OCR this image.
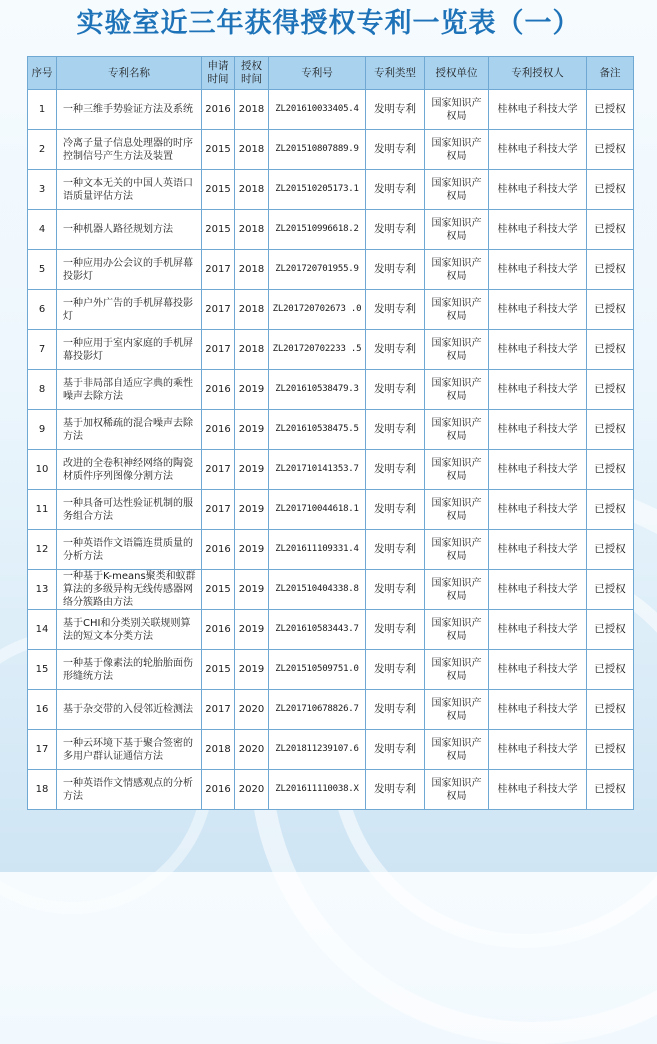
实验室近三年获得授权专利一览表（一）
序号	专利名称	申请时间	授权时间	专利号	专利类型	授权单位	专利授权人	备注
1	一种三维手势验证方法及系统	2016	2018	ZL201610033405.4	发明专利	国家知识产权局	桂林电子科技大学	已授权
2	冷离子量子信息处理器的时序控制信号产生方法及装置	2015	2018	ZL201510807889.9	发明专利	国家知识产权局	桂林电子科技大学	已授权
3	一种文本无关的中国人英语口语质量评估方法	2015	2018	ZL201510205173.1	发明专利	国家知识产权局	桂林电子科技大学	已授权
4	一种机器人路径规划方法	2015	2018	ZL201510996618.2	发明专利	国家知识产权局	桂林电子科技大学	已授权
5	一种应用办公会议的手机屏幕投影灯	2017	2018	ZL201720701955.9	发明专利	国家知识产权局	桂林电子科技大学	已授权
6	一种户外广告的手机屏幕投影灯	2017	2018	ZL201720702673 .0	发明专利	国家知识产权局	桂林电子科技大学	已授权
7	一种应用于室内家庭的手机屏幕投影灯	2017	2018	ZL201720702233 .5	发明专利	国家知识产权局	桂林电子科技大学	已授权
8	基于非局部自适应字典的乘性噪声去除方法	2016	2019	ZL201610538479.3	发明专利	国家知识产权局	桂林电子科技大学	已授权
9	基于加权稀疏的混合噪声去除方法	2016	2019	ZL201610538475.5	发明专利	国家知识产权局	桂林电子科技大学	已授权
10	改进的全卷积神经网络的陶瓷材质件序列图像分割方法	2017	2019	ZL201710141353.7	发明专利	国家知识产权局	桂林电子科技大学	已授权
11	一种具备可达性验证机制的服务组合方法	2017	2019	ZL201710044618.1	发明专利	国家知识产权局	桂林电子科技大学	已授权
12	一种英语作文语篇连贯质量的分析方法	2016	2019	ZL201611109331.4	发明专利	国家知识产权局	桂林电子科技大学	已授权
13	一种基于K-means聚类和蚁群算法的多级异构无线传感器网络分簇路由方法	2015	2019	ZL201510404338.8	发明专利	国家知识产权局	桂林电子科技大学	已授权
14	基于CHI和分类别关联规则算法的短文本分类方法	2016	2019	ZL201610583443.7	发明专利	国家知识产权局	桂林电子科技大学	已授权
15	一种基于像素法的轮胎胎面伤形缝统方法	2015	2019	ZL201510509751.0	发明专利	国家知识产权局	桂林电子科技大学	已授权
16	基于杂交带的入侵邻近检测法	2017	2020	ZL201710678826.7	发明专利	国家知识产权局	桂林电子科技大学	已授权
17	一种云环境下基于聚合签密的多用户群认证通信方法	2018	2020	ZL201811239107.6	发明专利	国家知识产权局	桂林电子科技大学	已授权
18	一种英语作文情感观点的分析方法	2016	2020	ZL201611110038.X	发明专利	国家知识产权局	桂林电子科技大学	已授权
